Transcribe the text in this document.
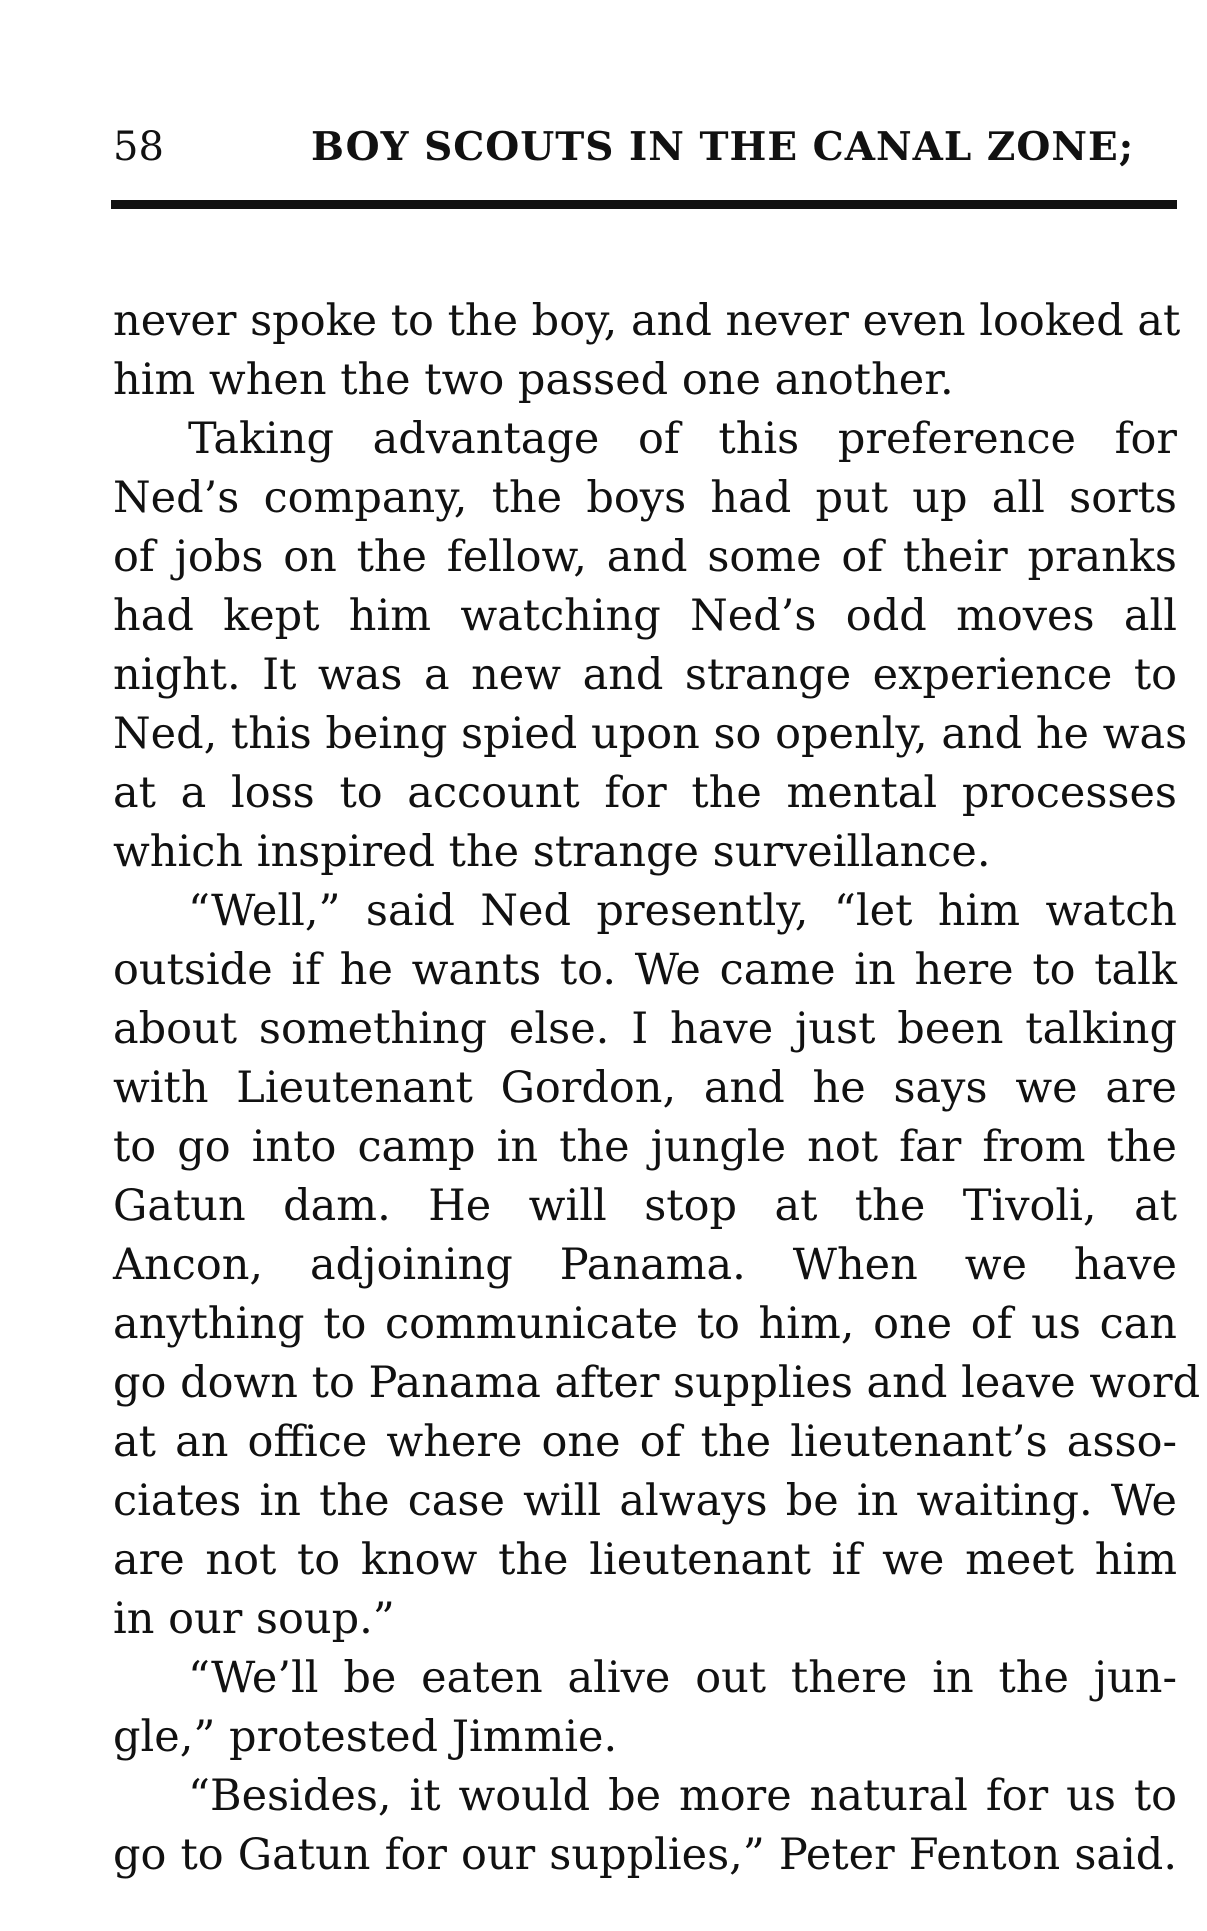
58	BOY SCOUTS IN THE CANAL ZONE;
never spoke to the boy, and never even looked at
him when the two passed one another.
Taking advantage of this preference for
Ned’s company, the boys had put up all sorts
of jobs on the fellow, and some of their pranks
had kept him watching Ned’s odd moves all
night. It was a new and strange experience to
Ned, this being spied upon so openly, and he was
at a loss to account for the mental processes
which inspired the strange surveillance.
“Well,” said Ned presently, “let him watch
outside if he wants to. We came in here to talk
about something else. I have just been talking
with Lieutenant Gordon, and he says we are
to go into camp in the jungle not far from the
Gatun dam. He will stop at the Tivoli, at
Ancon, adjoining Panama. When we have
anything to communicate to him, one of us can
go down to Panama after supplies and leave word
at an office where one of the lieutenant’s asso-
ciates in the case will always be in waiting. We
are not to know the lieutenant if we meet him
in our soup.”
“We’ll be eaten alive out there in the jun-
gle,” protested Jimmie.
“Besides, it would be more natural for us to
go to Gatun for our supplies,” Peter Fenton said.
